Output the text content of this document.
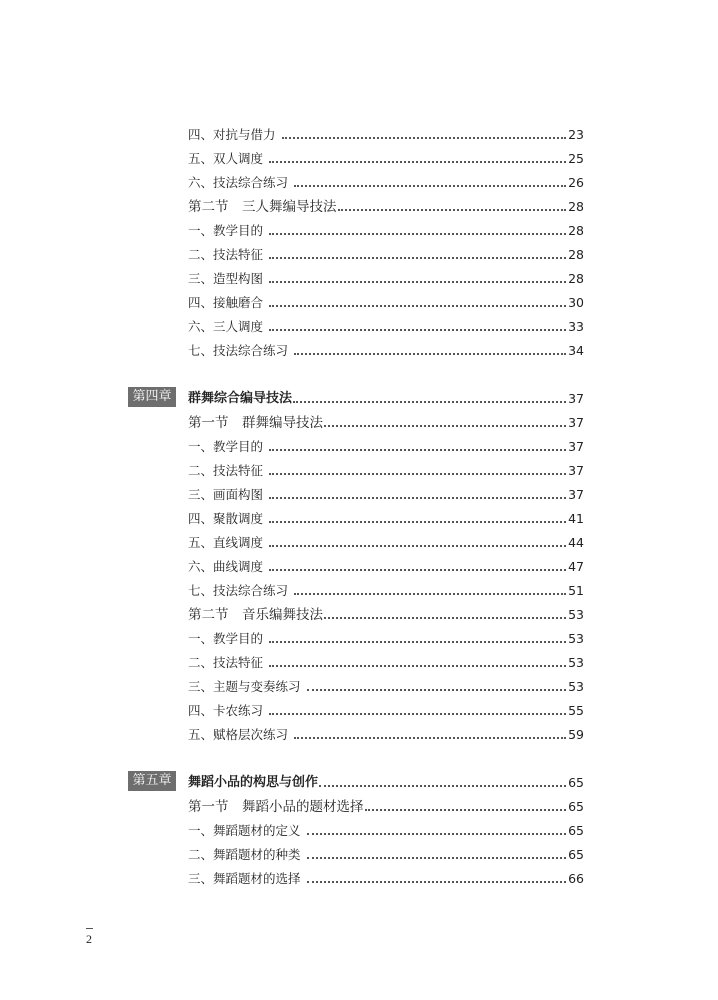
四、对抗与借力	23
五、双人调度	25
六、技法综合练习	26
第二节　三人舞编导技法	28
一、教学目的	28
二、技法特征	28
三、造型构图	28
四、接触磨合	30
六、三人调度	33
七、技法综合练习	34
第四章	群舞综合编导技法	37
第一节　群舞编导技法	37
一、教学目的	37
二、技法特征	37
三、画面构图	37
四、聚散调度	41
五、直线调度	44
六、曲线调度	47
七、技法综合练习	51
第二节　音乐编舞技法	53
一、教学目的	53
二、技法特征	53
三、主题与变奏练习	53
四、卡农练习	55
五、赋格层次练习	59
第五章	舞蹈小品的构思与创作	65
第一节　舞蹈小品的题材选择	65
一、舞蹈题材的定义	65
二、舞蹈题材的种类	65
三、舞蹈题材的选择	66
2
